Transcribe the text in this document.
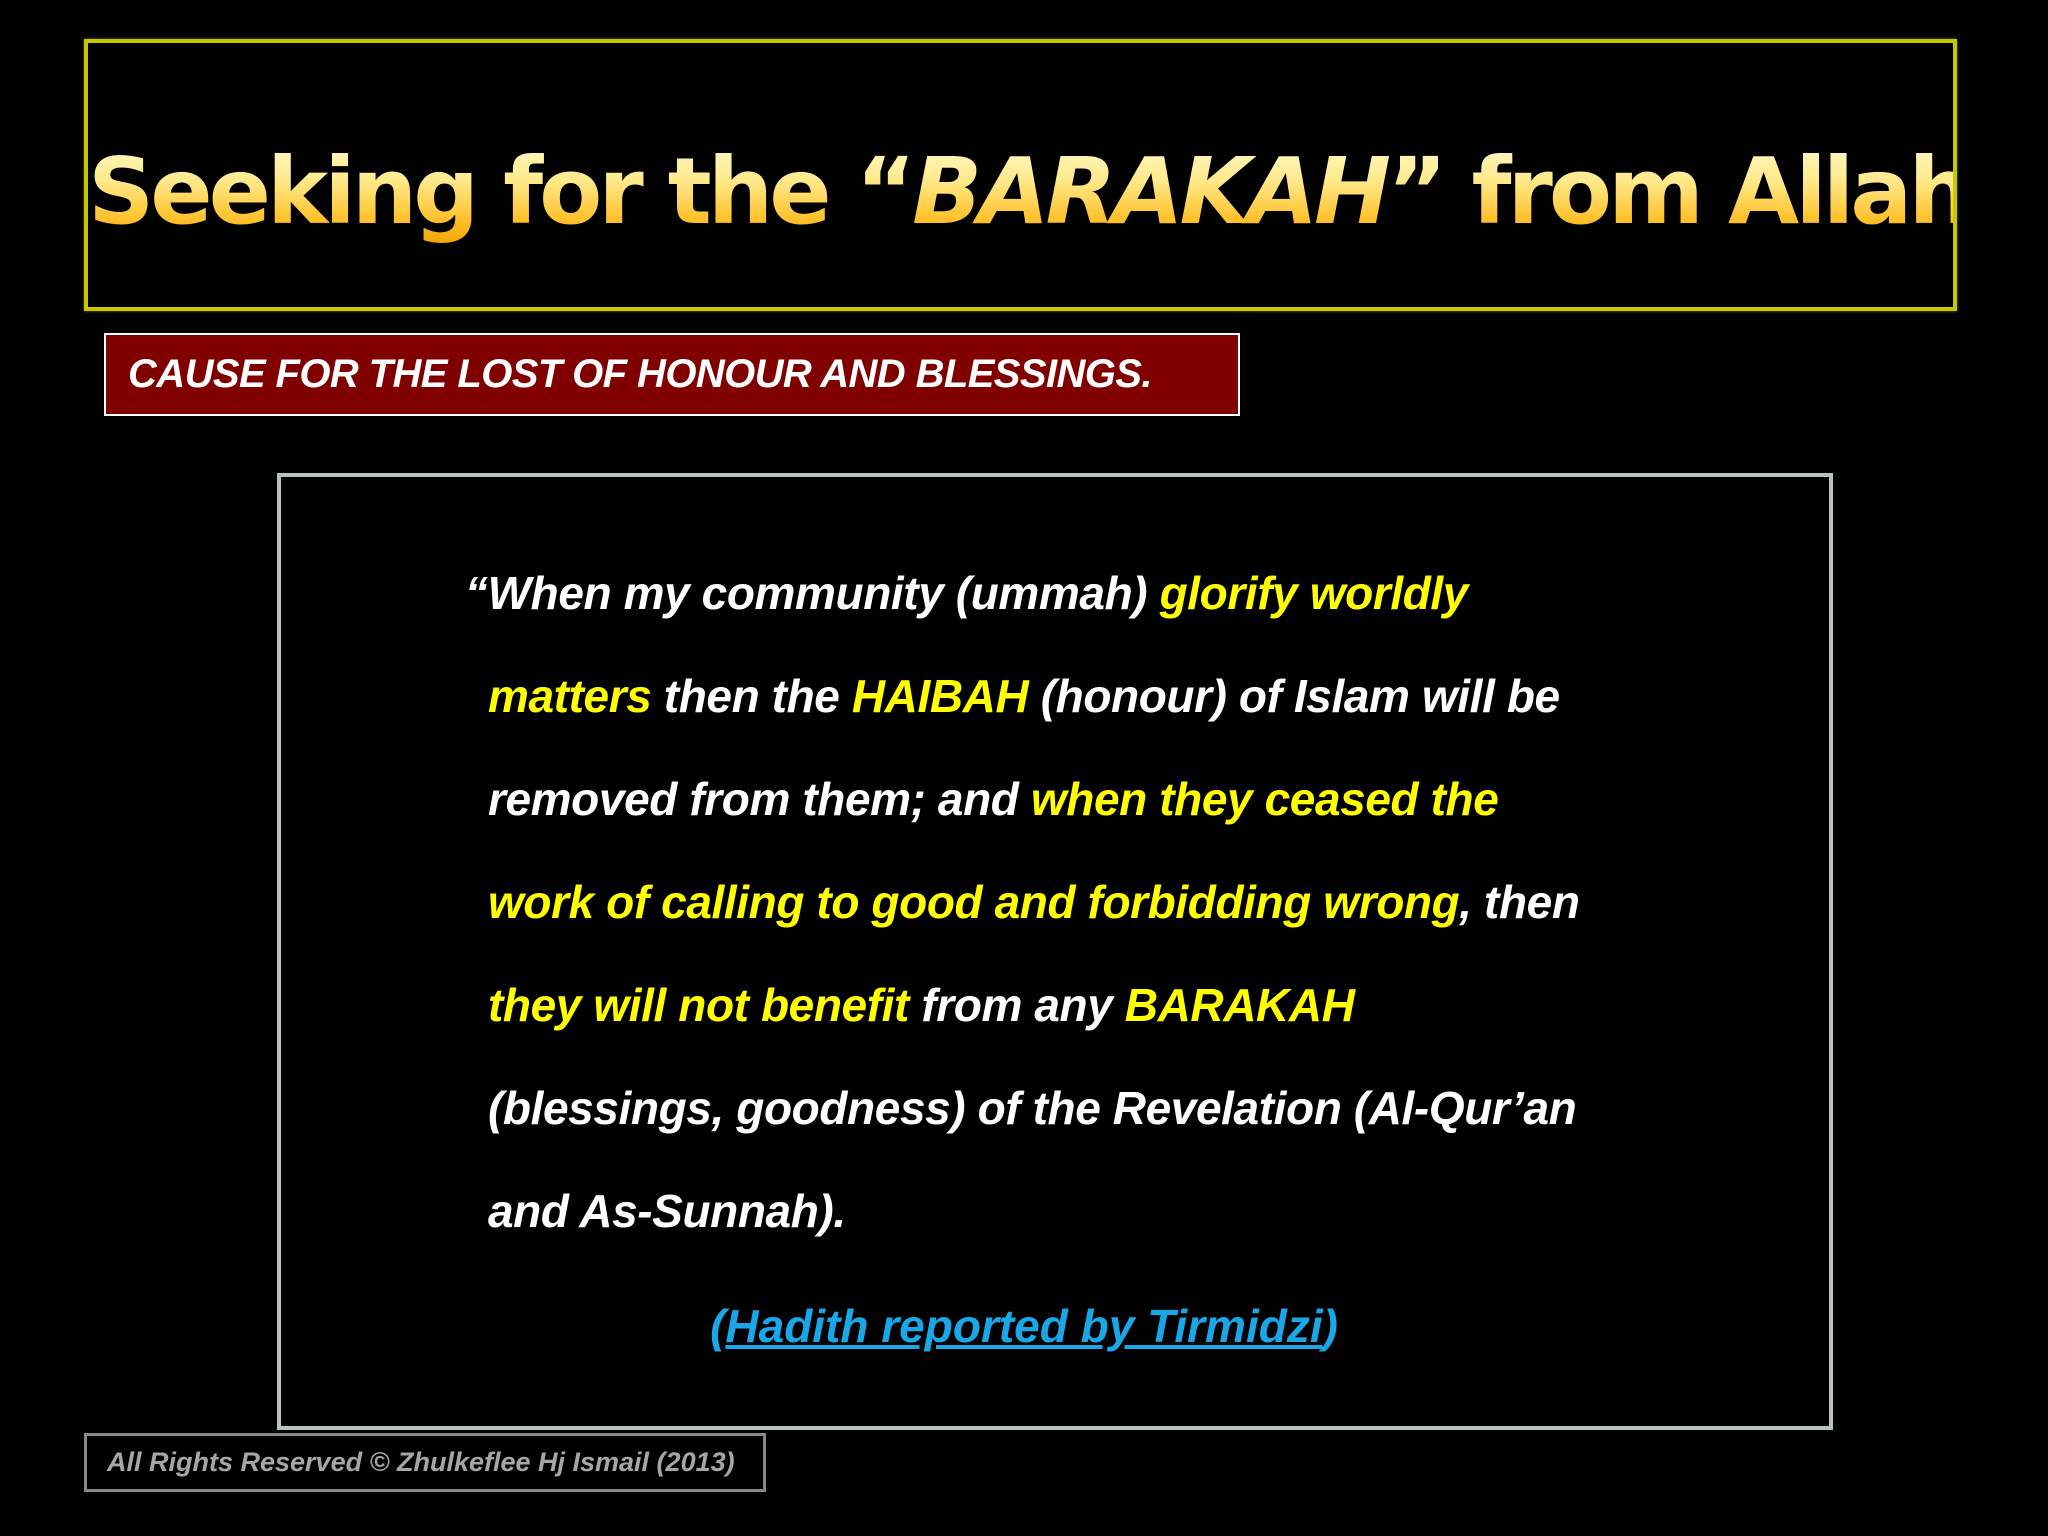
Seeking for the “BARAKAH” from Allah
CAUSE FOR THE LOST OF HONOUR AND BLESSINGS.
“When my community (ummah) glorify worldly
matters then the HAIBAH (honour) of Islam will be
removed from them; and when they ceased the
work of calling to good and forbidding wrong, then
they will not benefit from any BARAKAH
(blessings, goodness) of the Revelation (Al-Qur’an
and As-Sunnah).
(Hadith reported by Tirmidzi)
All Rights Reserved © Zhulkeflee Hj Ismail (2013)
